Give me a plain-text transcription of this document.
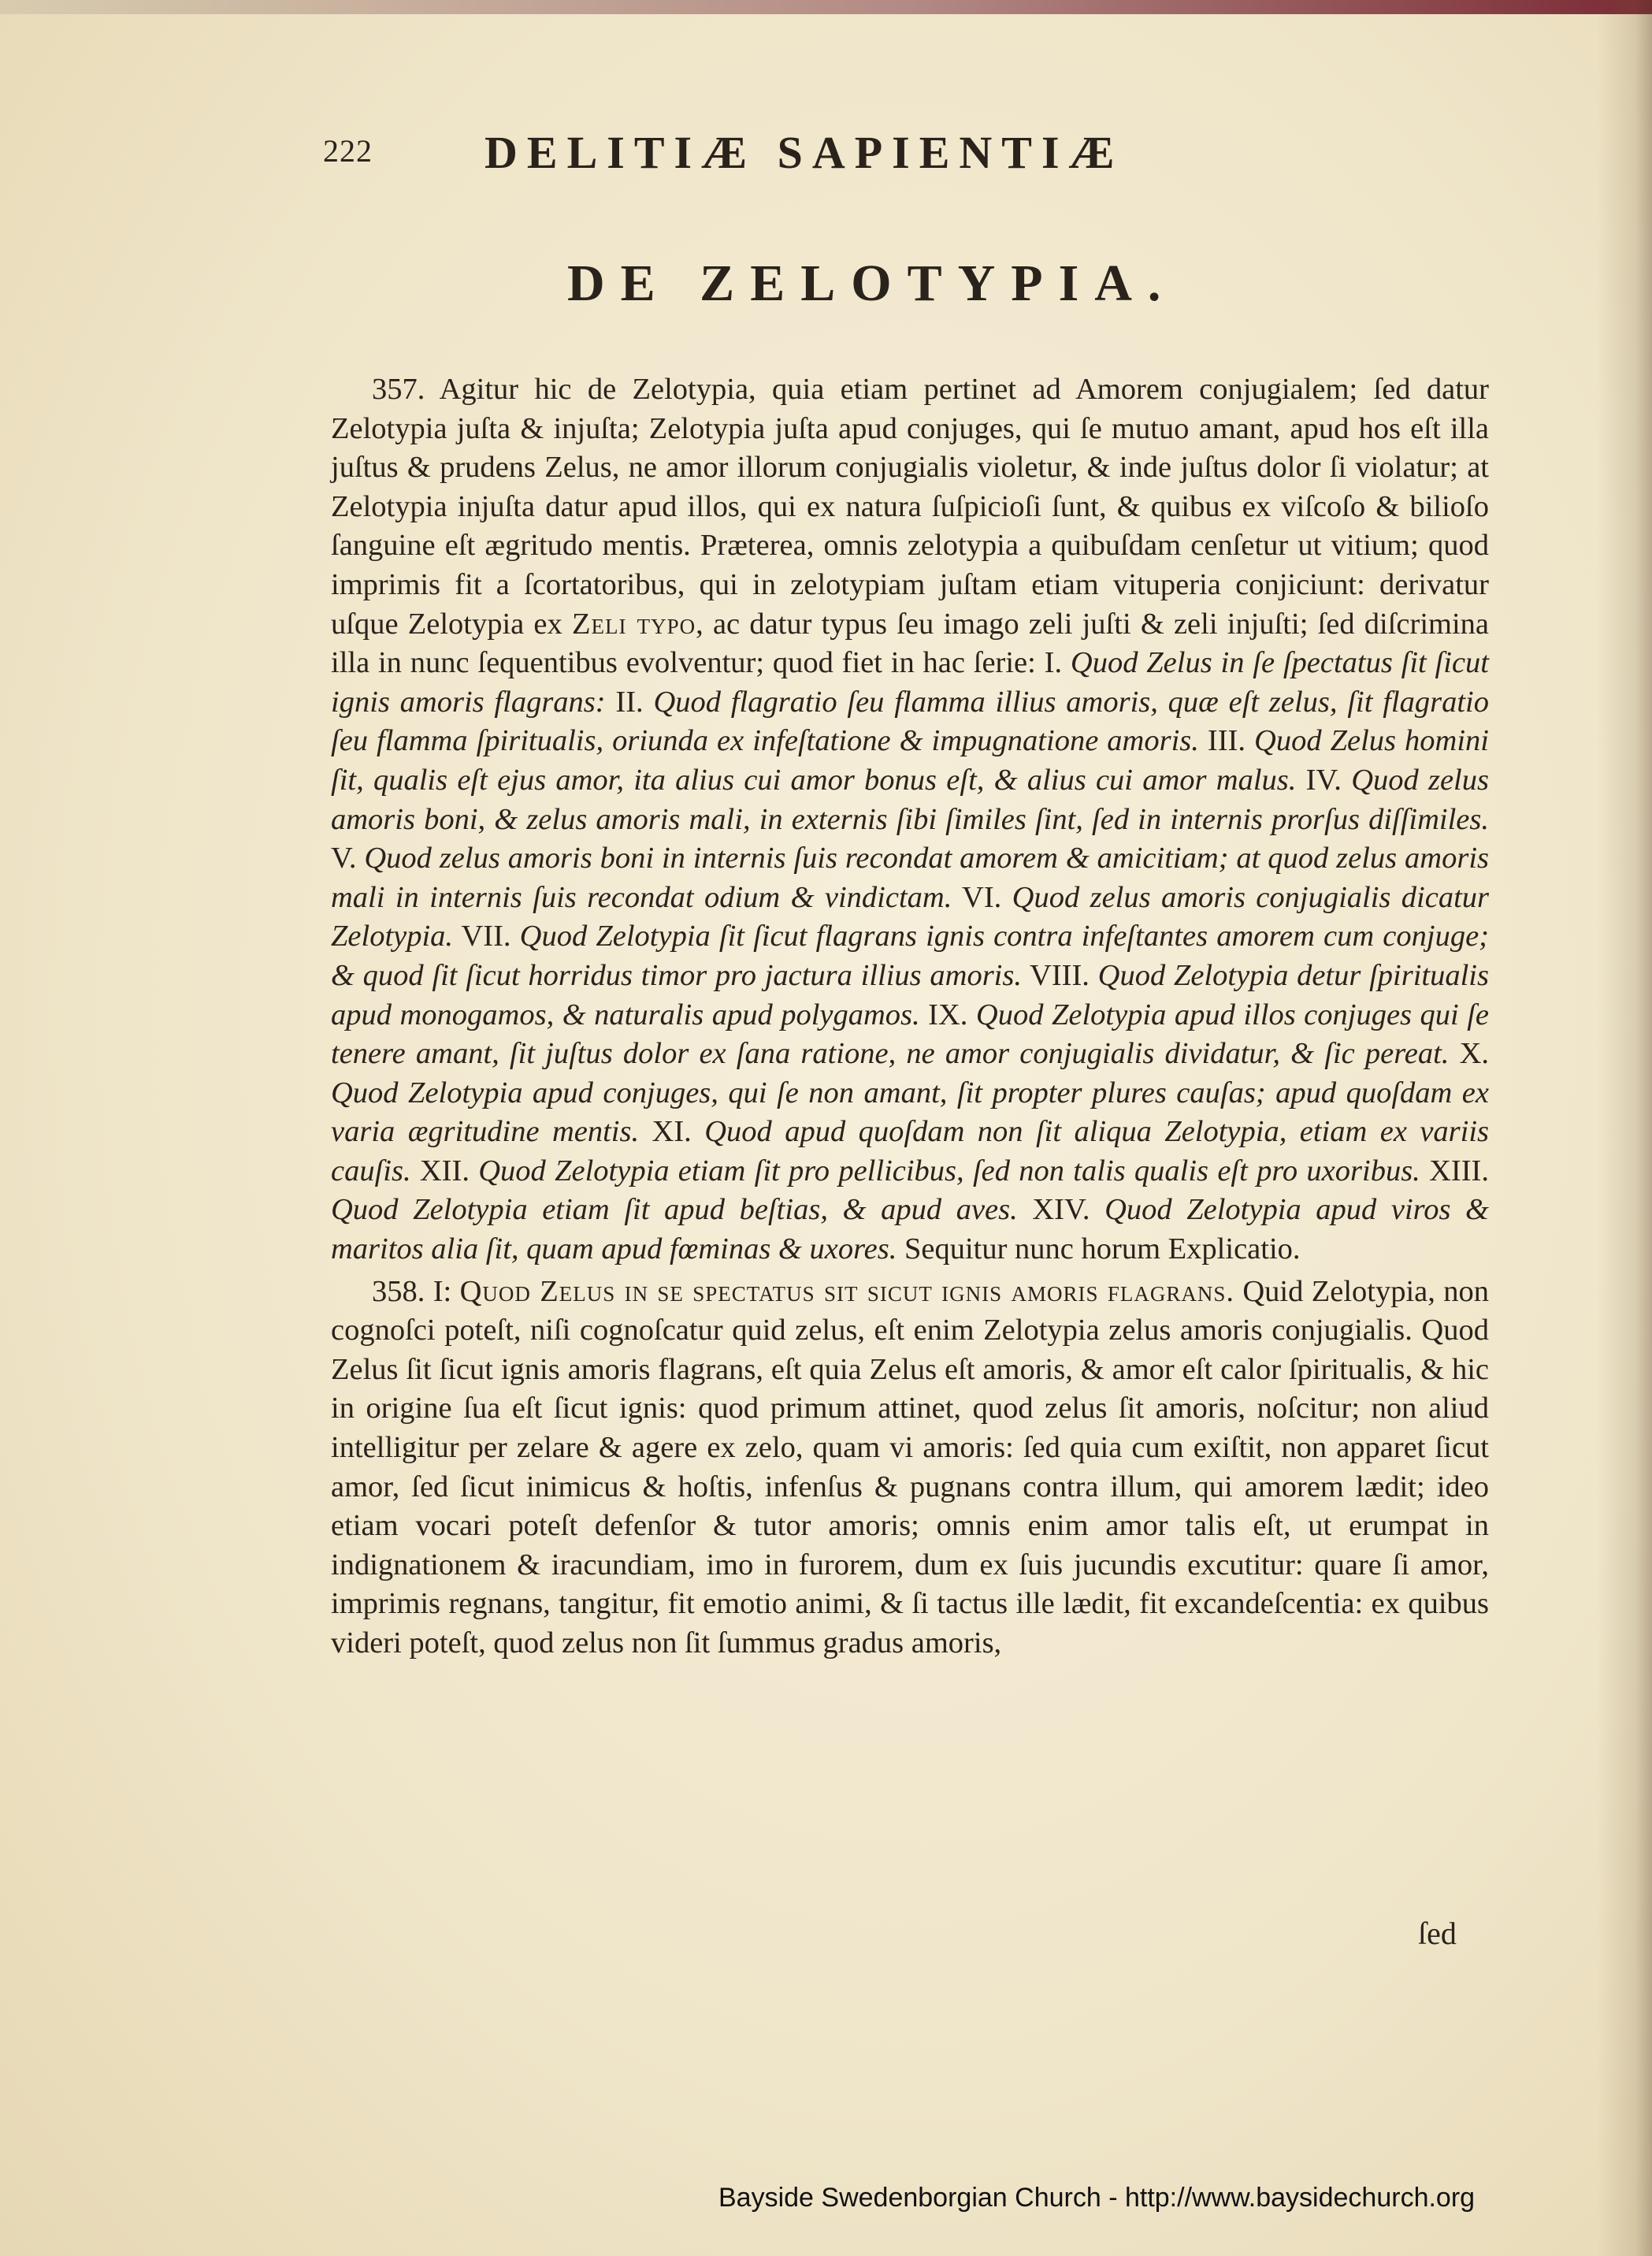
222 DELITIÆ SAPIENTIÆ
DE ZELOTYPIA.

357. Agitur hic de Zelotypia, quia etiam pertinet ad Amorem conjugialem; ſed datur Zelotypia juſta & injuſta; Zelotypia juſta apud conjuges, qui ſe mutuo amant, apud hos eſt illa juſtus & prudens Zelus, ne amor illorum conjugialis violetur, & inde juſtus dolor ſi violatur; at Zelotypia injuſta datur apud illos, qui ex natura ſuſpicioſi ſunt, & quibus ex viſcoſo & bilioſo ſanguine eſt ægritudo mentis. Præterea, omnis zelotypia a quibuſdam cenſetur ut vitium; quod imprimis fit a ſcortatoribus, qui in zelotypiam juſtam etiam vituperia conjiciunt: derivatur uſque Zelotypia ex Zeli typo, ac datur typus ſeu imago zeli juſti & zeli injuſti; ſed diſcrimina illa in nunc ſequentibus evolventur; quod fiet in hac ſerie: I. Quod Zelus in ſe ſpectatus ſit ſicut ignis amoris flagrans: II. Quod flagratio ſeu flamma illius amoris, quæ eſt zelus, ſit flagratio ſeu flamma ſpiritualis, oriunda ex infeſtatione & impugnatione amoris. III. Quod Zelus homini ſit, qualis eſt ejus amor, ita alius cui amor bonus eſt, & alius cui amor malus. IV. Quod zelus amoris boni, & zelus amoris mali, in externis ſibi ſimiles ſint, ſed in internis prorſus diſſimiles. V. Quod zelus amoris boni in internis ſuis recondat amorem & amicitiam; at quod zelus amoris mali in internis ſuis recondat odium & vindictam. VI. Quod zelus amoris conjugialis dicatur Zelotypia. VII. Quod Zelotypia ſit ſicut flagrans ignis contra infeſtantes amorem cum conjuge; & quod ſit ſicut horridus timor pro jactura illius amoris. VIII. Quod Zelotypia detur ſpiritualis apud monogamos, & naturalis apud polygamos. IX. Quod Zelotypia apud illos conjuges qui ſe tenere amant, ſit juſtus dolor ex ſana ratione, ne amor conjugialis dividatur, & ſic pereat. X. Quod Zelotypia apud conjuges, qui ſe non amant, ſit propter plures cauſas; apud quoſdam ex varia ægritudine mentis. XI. Quod apud quoſdam non ſit aliqua Zelotypia, etiam ex variis cauſis. XII. Quod Zelotypia etiam ſit pro pellicibus, ſed non talis qualis eſt pro uxoribus. XIII. Quod Zelotypia etiam ſit apud beſtias, & apud aves. XIV. Quod Zelotypia apud viros & maritos alia ſit, quam apud fœminas & uxores. Sequitur nunc horum Explicatio.

358. I: Quod Zelus in ſe ſpectatus ſit ſicut ignis amoris flagrans. Quid Zelotypia, non cognoſci poteſt, niſi cognoſcatur quid zelus, eſt enim Zelotypia zelus amoris conjugialis. Quod Zelus ſit ſicut ignis amoris flagrans, eſt quia Zelus eſt amoris, & amor eſt calor ſpiritualis, & hic in origine ſua eſt ſicut ignis: quod primum attinet, quod zelus ſit amoris, noſcitur; non aliud intelligitur per zelare & agere ex zelo, quam vi amoris: ſed quia cum exiſtit, non apparet ſicut amor, ſed ſicut inimicus & hoſtis, infenſus & pugnans contra illum, qui amorem lædit; ideo etiam vocari poteſt defenſor & tutor amoris; omnis enim amor talis eſt, ut erumpat in indignationem & iracundiam, imo in furorem, dum ex ſuis jucundis excutitur: quare ſi amor, imprimis regnans, tangitur, fit emotio animi, & ſi tactus ille lædit, fit excandeſcentia: ex quibus videri poteſt, quod zelus non ſit ſummus gradus amoris,

ſed
Bayside Swedenborgian Church - http://www.baysidechurch.org
